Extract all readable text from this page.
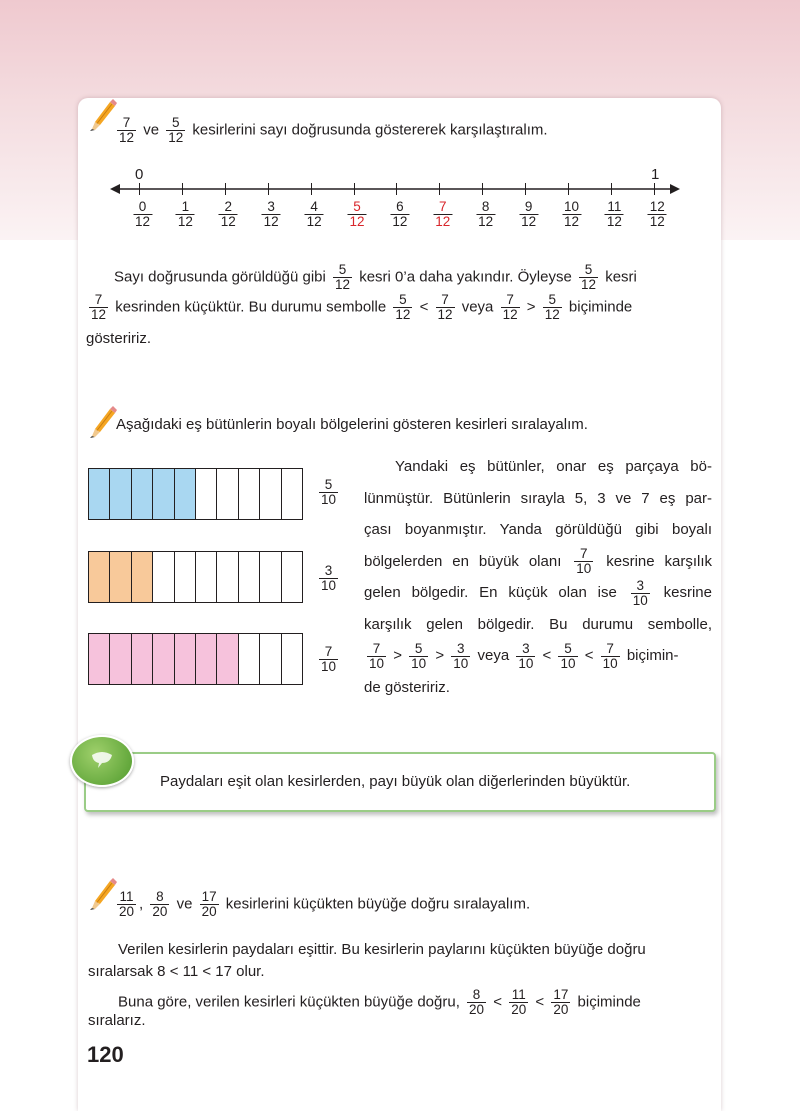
$\frac{7}{12}$ ve $\frac{5}{12}$ kesirlerini sayı doğrusunda göstererek karşılaştıralım.
0	1
$\frac{0}{12} \frac{1}{12} \frac{2}{12} \frac{3}{12} \frac{4}{12} \frac{5}{12} \frac{6}{12} \frac{7}{12} \frac{8}{12} \frac{9}{12} \frac{10}{12} \frac{11}{12} \frac{12}{12}$
Sayı doğrusunda görüldüğü gibi $\frac{5}{12}$ kesri 0’a daha yakındır. Öyleyse $\frac{5}{12}$ kesri
$\frac{7}{12}$ kesrinden küçüktür. Bu durumu sembolle $\frac{5}{12} < \frac{7}{12}$ veya $\frac{7}{12} > \frac{5}{12}$ biçiminde
gösteririz.
Aşağıdaki eş bütünlerin boyalı bölgelerini gösteren kesirleri sıralayalım.
$\frac{5}{10}$
$\frac{3}{10}$
$\frac{7}{10}$
Yandaki eş bütünler, onar eş parçaya bö-
lünmüştür. Bütünlerin sırayla 5, 3 ve 7 eş par-
çası boyanmıştır. Yanda görüldüğü gibi boyalı
bölgelerden en büyük olanı $\frac{7}{10}$ kesrine karşılık
gelen bölgedir. En küçük olan ise $\frac{3}{10}$ kesrine
karşılık gelen bölgedir. Bu durumu sembolle,
$\frac{7}{10} > \frac{5}{10} > \frac{3}{10}$ veya $\frac{3}{10} < \frac{5}{10} < \frac{7}{10}$ biçimin-
de gösteririz.
Paydaları eşit olan kesirlerden, payı büyük olan diğerlerinden büyüktür.
$\frac{11}{20}$ , $\frac{8}{20}$ ve $\frac{17}{20}$ kesirlerini küçükten büyüğe doğru sıralayalım.
Verilen kesirlerin paydaları eşittir. Bu kesirlerin paylarını küçükten büyüğe doğru
sıralarsak 8 < 11 < 17 olur.
Buna göre, verilen kesirleri küçükten büyüğe doğru, $\frac{8}{20} < \frac{11}{20} < \frac{17}{20}$ biçiminde
sıralarız.
120
